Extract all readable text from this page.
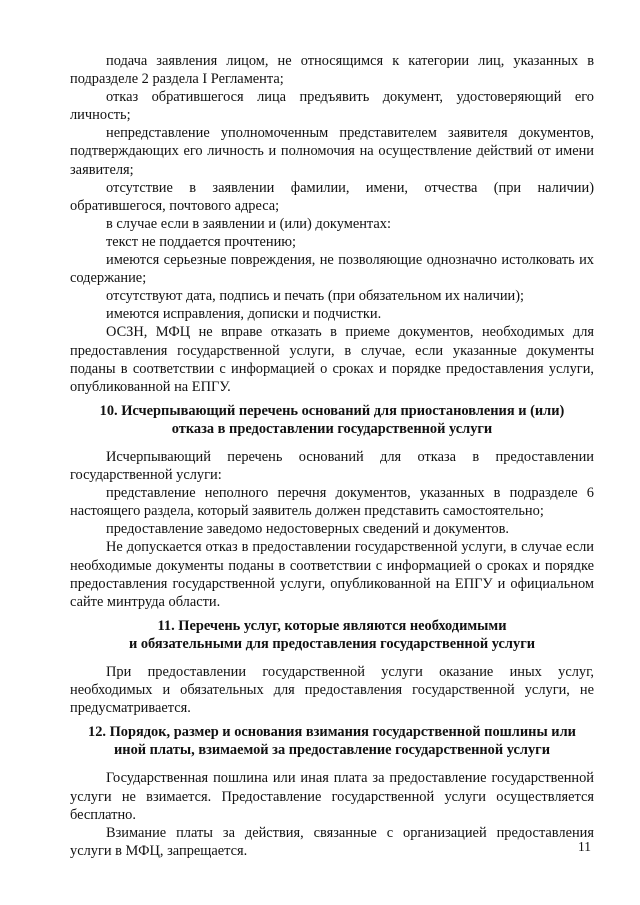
подача заявления лицом, не относящимся к категории лиц, указанных в подразделе 2 раздела I Регламента;

отказ обратившегося лица предъявить документ, удостоверяющий его личность;

непредставление уполномоченным представителем заявителя документов, подтверждающих его личность и полномочия на осуществление действий от имени заявителя;

отсутствие в заявлении фамилии, имени, отчества (при наличии) обратившегося, почтового адреса;

в случае если в заявлении и (или) документах:

текст не поддается прочтению;

имеются серьезные повреждения, не позволяющие однозначно истолковать их содержание;

отсутствуют дата, подпись и печать (при обязательном их наличии);

имеются исправления, дописки и подчистки.

ОСЗН, МФЦ не вправе отказать в приеме документов, необходимых для предоставления государственной услуги, в случае, если указанные документы поданы в соответствии с информацией о сроках и порядке предоставления услуги, опубликованной на ЕПГУ.

10. Исчерпывающий перечень оснований для приостановления и (или)
отказа в предоставлении государственной услуги

Исчерпывающий перечень оснований для отказа в предоставлении государственной услуги:

представление неполного перечня документов, указанных в подразделе 6 настоящего раздела, который заявитель должен представить самостоятельно;

предоставление заведомо недостоверных сведений и документов.

Не допускается отказ в предоставлении государственной услуги, в случае если необходимые документы поданы в соответствии с информацией о сроках и порядке предоставления государственной услуги, опубликованной на ЕПГУ и официальном сайте минтруда области.

11. Перечень услуг, которые являются необходимыми
и обязательными для предоставления государственной услуги

При предоставлении государственной услуги оказание иных услуг, необходимых и обязательных для предоставления государственной услуги, не предусматривается.

12. Порядок, размер и основания взимания государственной пошлины или
иной платы, взимаемой за предоставление государственной услуги

Государственная пошлина или иная плата за предоставление государственной услуги не взимается. Предоставление государственной услуги осуществляется бесплатно.

Взимание платы за действия, связанные с организацией предоставления услуги в МФЦ, запрещается.	11
